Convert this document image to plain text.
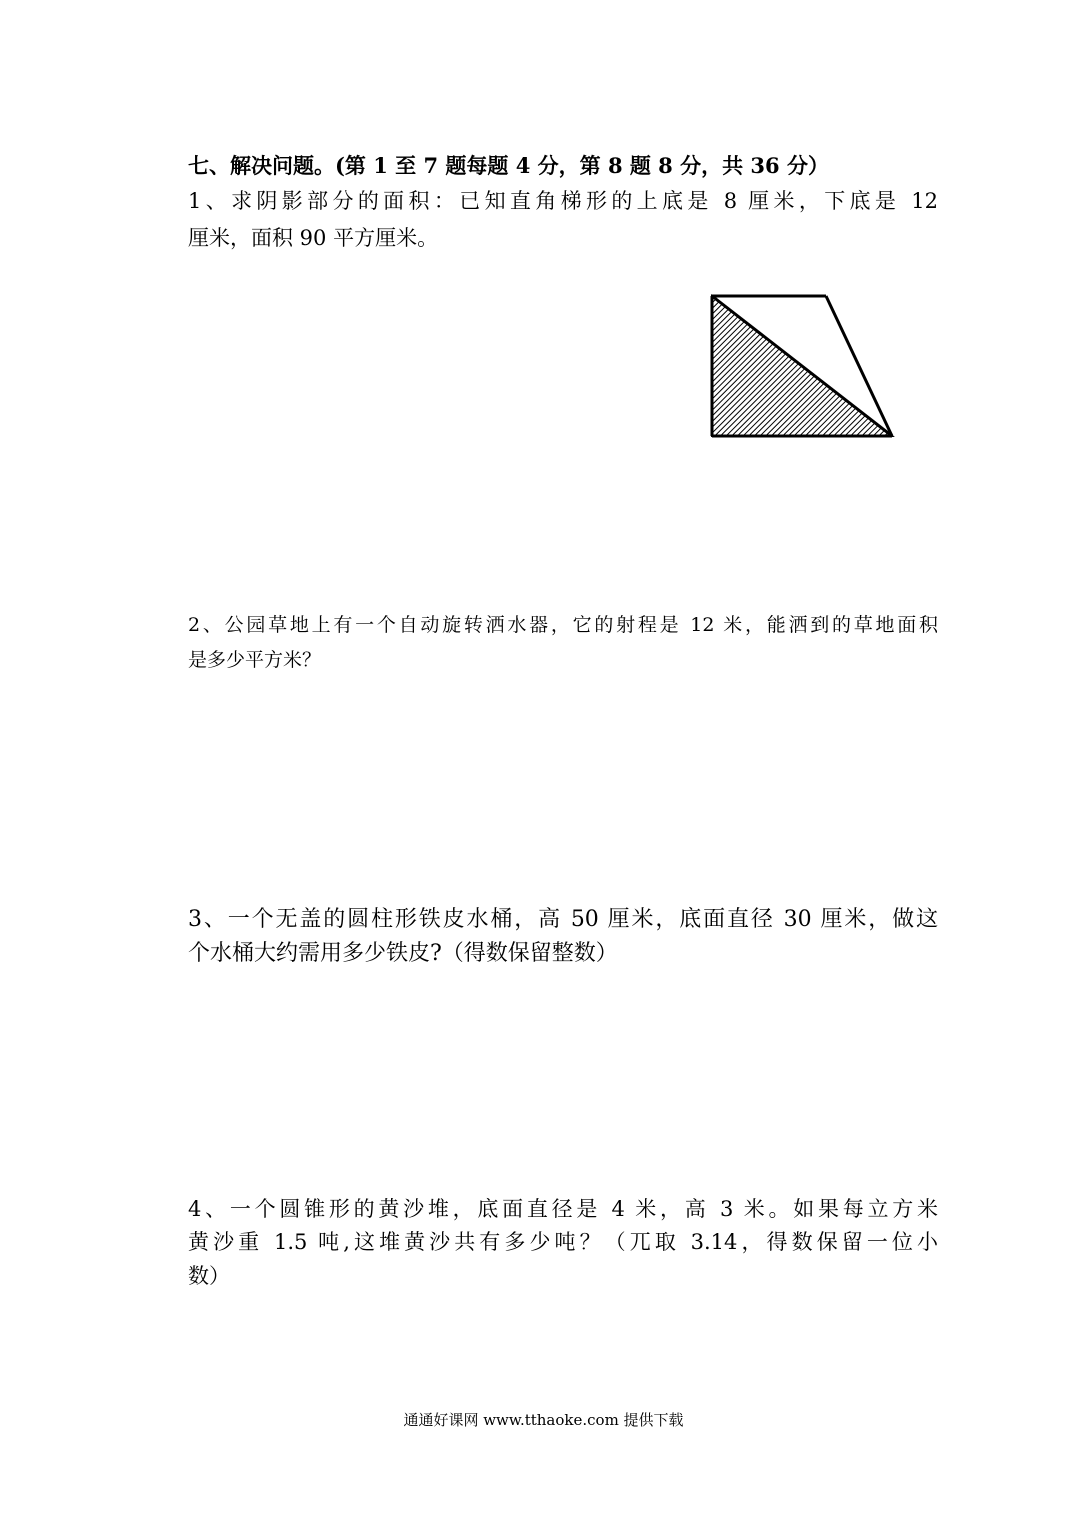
七、解决问题。(第 1 至 7 题每题 4 分，第 8 题 8 分，共 36 分）
1、求阴影部分的面积：已知直角梯形的上底是 8 厘米，下底是 12
厘米，面积 90 平方厘米。
2、公园草地上有一个自动旋转洒水器，它的射程是 12 米，能洒到的草地面积
是多少平方米？
3、一个无盖的圆柱形铁皮水桶，高 50 厘米，底面直径 30 厘米，做这
个水桶大约需用多少铁皮?（得数保留整数）
4、一个圆锥形的黄沙堆，底面直径是 4 米，高 3 米。如果每立方米
黄沙重 1.5 吨,这堆黄沙共有多少吨？（兀取 3.14，得数保留一位小
数）
通通好课网 www.tthaoke.com 提供下载
